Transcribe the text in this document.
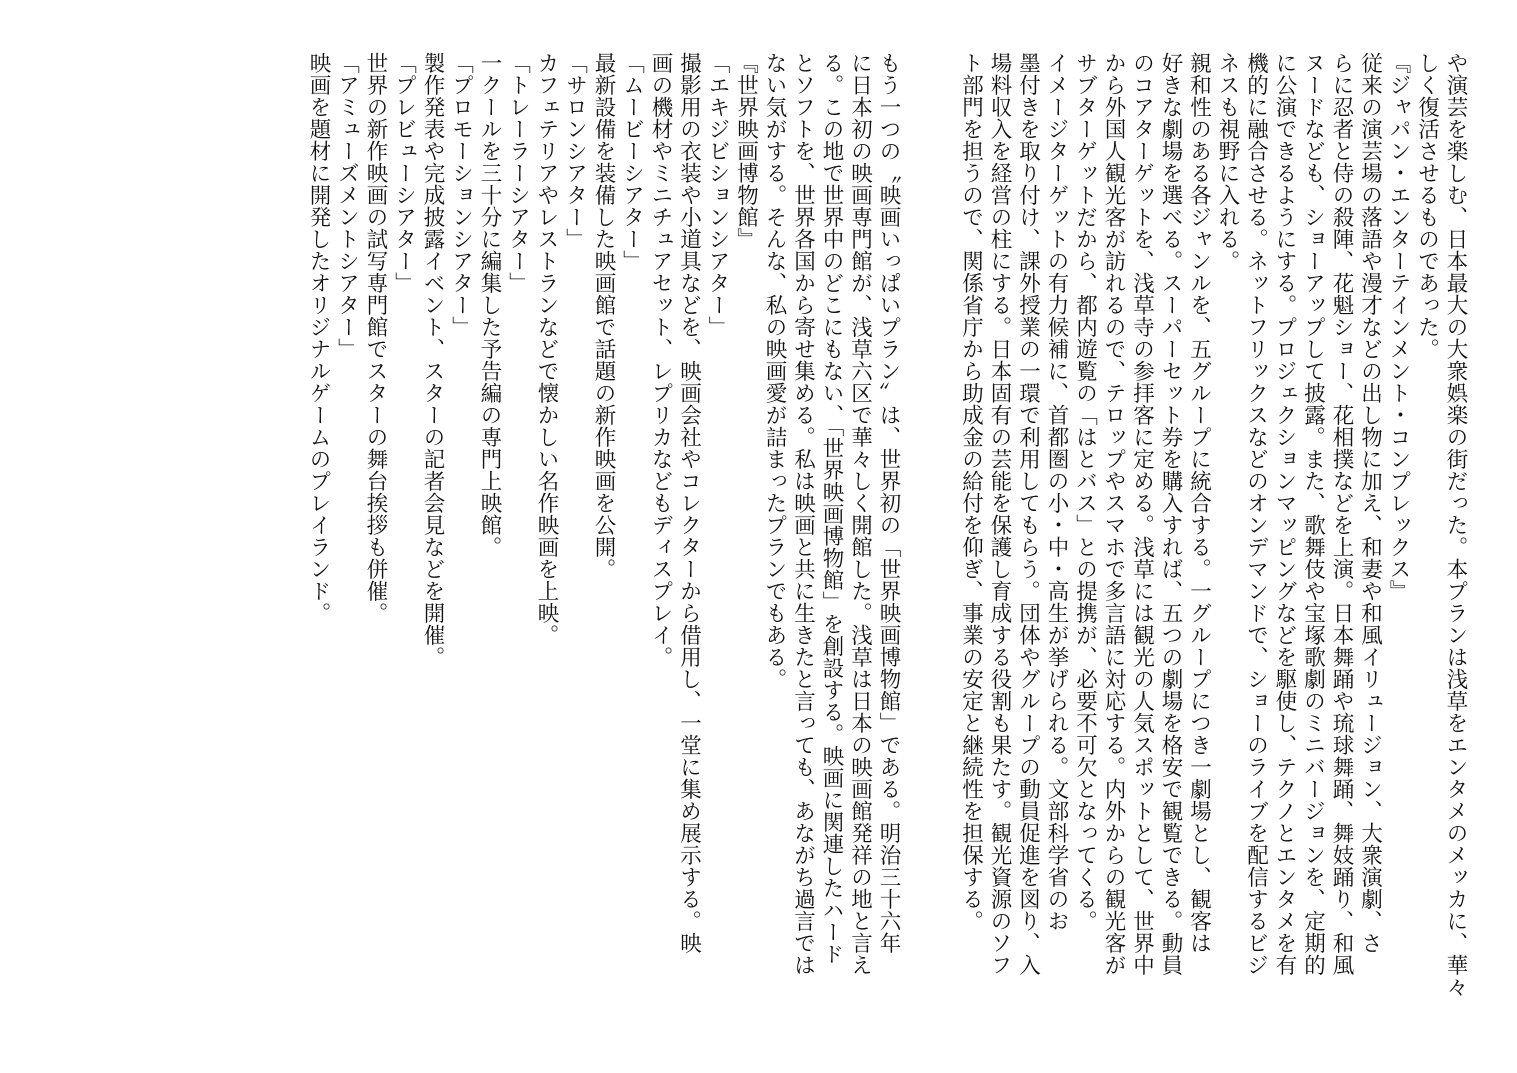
や演芸を楽しむ、日本最大の大衆娯楽の街だった。本プランは浅草をエンタメのメッカに、華々
しく復活させるものであった。
『ジャパン・エンターテインメント・コンプレックス』
従来の演芸場の落語や漫才などの出し物に加え、和妻や和風イリュージョン、大衆演劇、さ
らに忍者と侍の殺陣、花魁ショー、花相撲などを上演。日本舞踊や琉球舞踊、舞妓踊り、和風
ヌードなども、ショーアップして披露。また、歌舞伎や宝塚歌劇のミニバージョンを、定期的
に公演できるようにする。プロジェクションマッピングなどを駆使し、テクノとエンタメを有
機的に融合させる。ネットフリックスなどのオンデマンドで、ショーのライブを配信するビジ
ネスも視野に入れる。
親和性のある各ジャンルを、五グループに統合する。一グループにつき一劇場とし、観客は
好きな劇場を選べる。スーパーセット券を購入すれば、五つの劇場を格安で観覧できる。動員
のコアターゲットを、浅草寺の参拝客に定める。浅草には観光の人気スポットとして、世界中
から外国人観光客が訪れるので、テロップやスマホで多言語に対応する。内外からの観光客が
サブターゲットだから、都内遊覧の「はとバス」との提携が、必要不可欠となってくる。
イメージターゲットの有力候補に、首都圏の小・中・高生が挙げられる。文部科学省のお
墨付きを取り付け、課外授業の一環で利用してもらう。団体やグループの動員促進を図り、入
場料収入を経営の柱にする。日本固有の芸能を保護し育成する役割も果たす。観光資源のソフ
ト部門を担うので、関係省庁から助成金の給付を仰ぎ、事業の安定と継続性を担保する。
もう一つの〝映画いっぱいプラン〟は、世界初の「世界映画博物館」である。明治三十六年
に日本初の映画専門館が、浅草六区で華々しく開館した。浅草は日本の映画館発祥の地と言え
る。この地で世界中のどこにもない、「世界映画博物館」を創設する。映画に関連したハード
とソフトを、世界各国から寄せ集める。私は映画と共に生きたと言っても、あながち過言では
ない気がする。そんな、私の映画愛が詰まったプランでもある。
『世界映画博物館』
「エキジビションシアター」
撮影用の衣装や小道具などを、映画会社やコレクターから借用し、一堂に集め展示する。映
画の機材やミニチュアセット、レプリカなどもディスプレイ。
「ムービーシアター」
最新設備を装備した映画館で話題の新作映画を公開。
「サロンシアター」
カフェテリアやレストランなどで懐かしい名作映画を上映。
「トレーラーシアター」
一クールを三十分に編集した予告編の専門上映館。
「プロモーションシアター」
製作発表や完成披露イベント、スターの記者会見などを開催。
「プレビューシアター」
世界の新作映画の試写専門館でスターの舞台挨拶も併催。
「アミューズメントシアター」
映画を題材に開発したオリジナルゲームのプレイランド。
